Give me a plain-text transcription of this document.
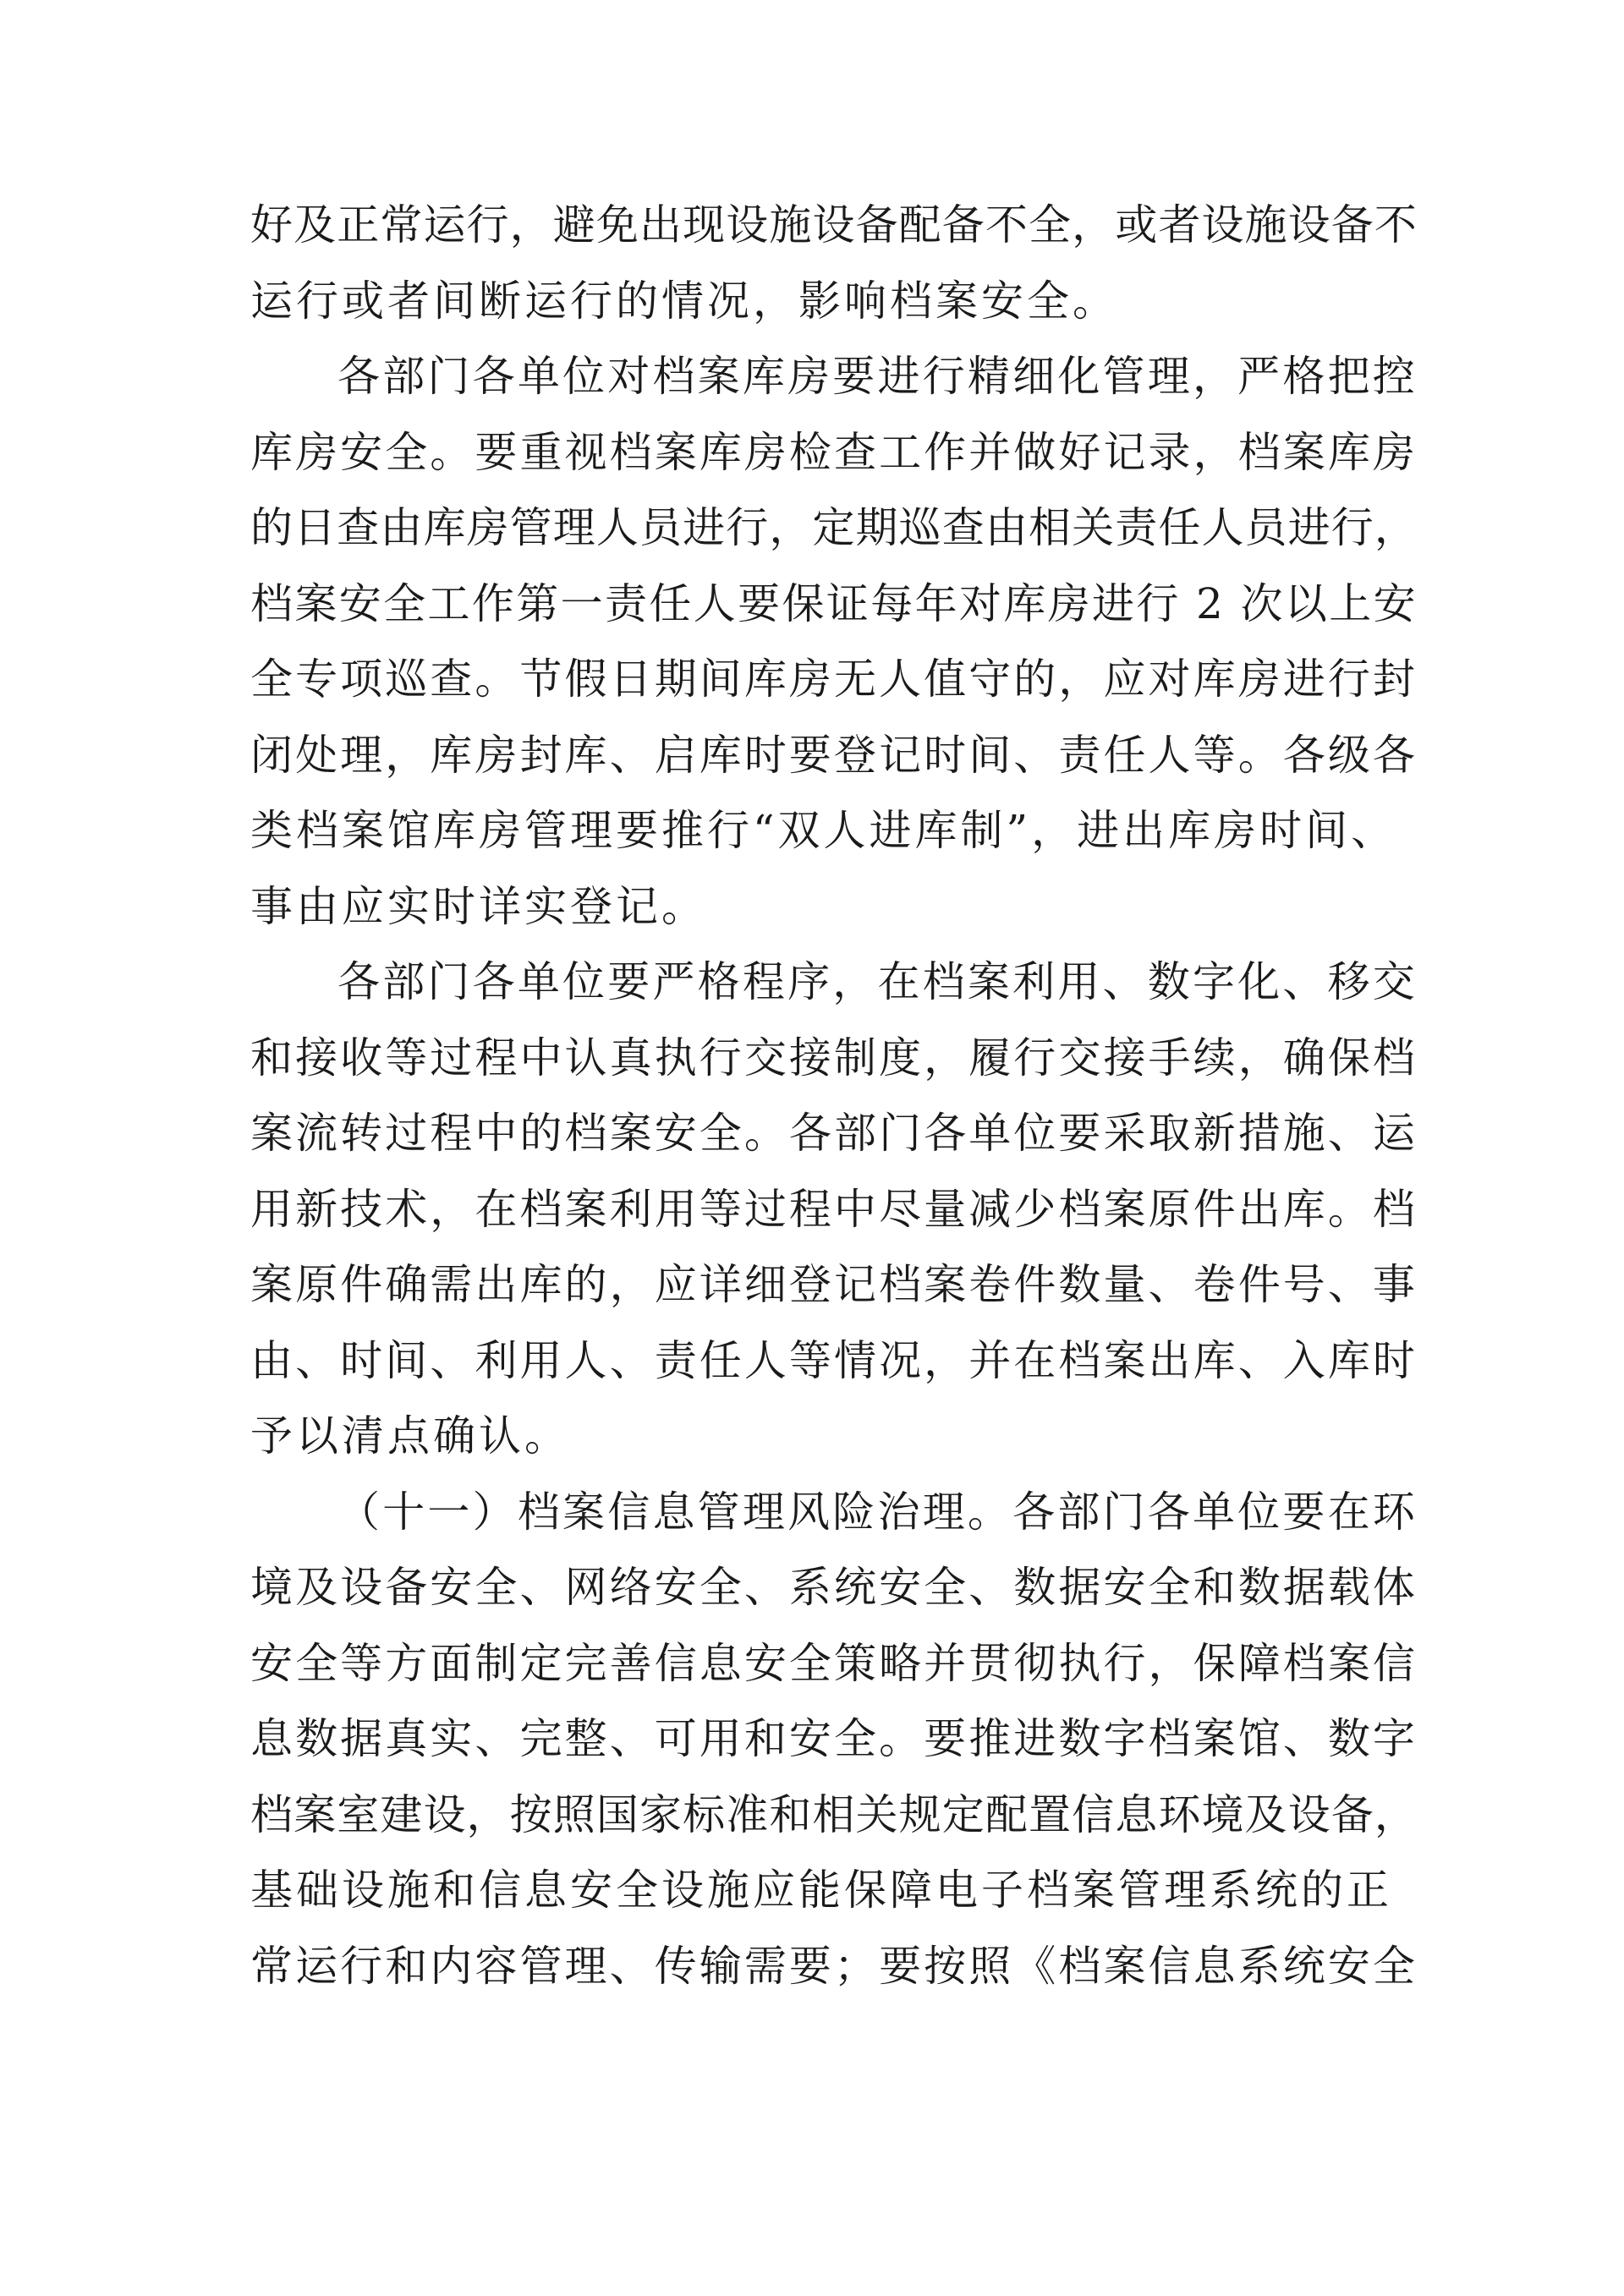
好及正常运行，避免出现设施设备配备不全，或者设施设备不
运行或者间断运行的情况，影响档案安全。
各部门各单位对档案库房要进行精细化管理，严格把控
库房安全。要重视档案库房检查工作并做好记录，档案库房
的日查由库房管理人员进行，定期巡查由相关责任人员进行，
档案安全工作第一责任人要保证每年对库房进行 2 次以上安
全专项巡查。节假日期间库房无人值守的，应对库房进行封
闭处理，库房封库、启库时要登记时间、责任人等。各级各
类档案馆库房管理要推行“双人进库制”，进出库房时间、
事由应实时详实登记。
各部门各单位要严格程序，在档案利用、数字化、移交
和接收等过程中认真执行交接制度，履行交接手续，确保档
案流转过程中的档案安全。各部门各单位要采取新措施、运
用新技术，在档案利用等过程中尽量减少档案原件出库。档
案原件确需出库的，应详细登记档案卷件数量、卷件号、事
由、时间、利用人、责任人等情况，并在档案出库、入库时
予以清点确认。
（十一）档案信息管理风险治理。各部门各单位要在环
境及设备安全、网络安全、系统安全、数据安全和数据载体
安全等方面制定完善信息安全策略并贯彻执行，保障档案信
息数据真实、完整、可用和安全。要推进数字档案馆、数字
档案室建设，按照国家标准和相关规定配置信息环境及设备，
基础设施和信息安全设施应能保障电子档案管理系统的正
常运行和内容管理、传输需要；要按照《档案信息系统安全
